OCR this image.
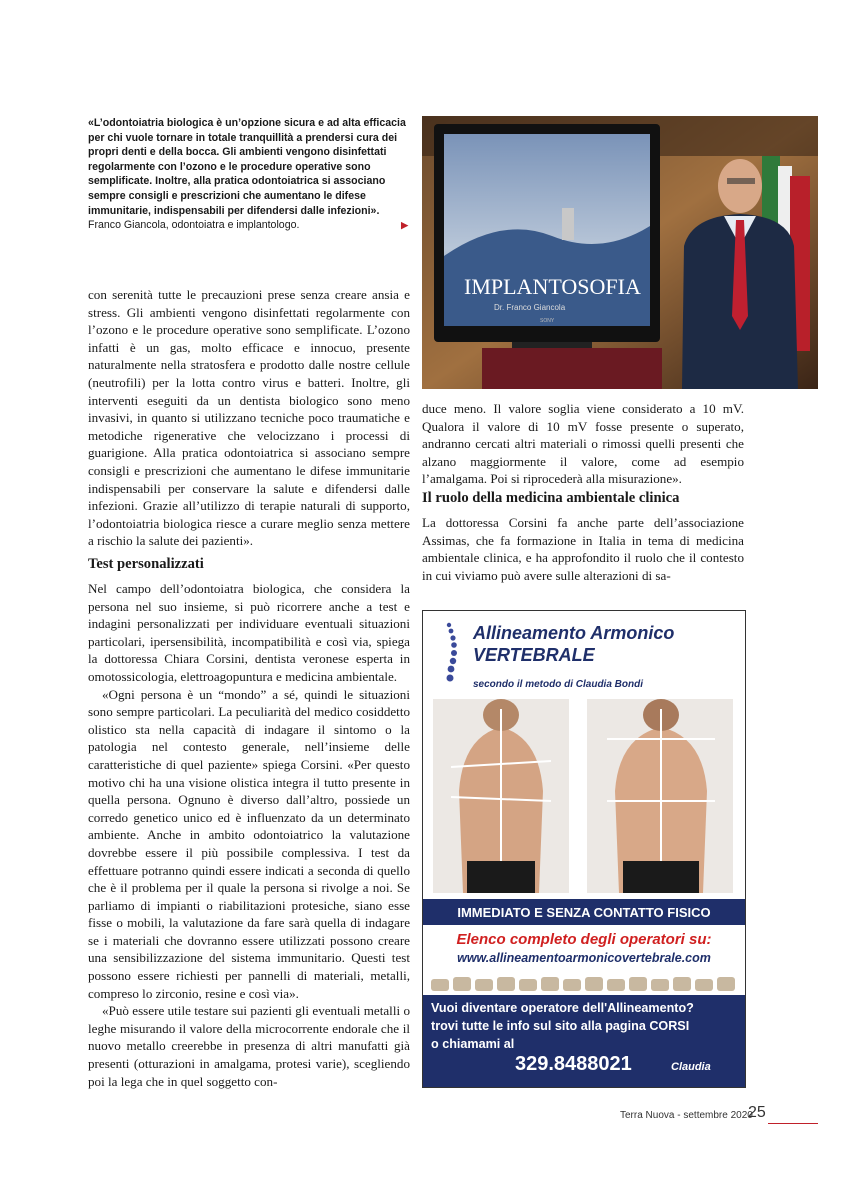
«L’odontoiatria biologica è un’opzione sicura e ad alta efficacia per chi vuole tornare in totale tranquillità a prendersi cura dei propri denti e della bocca. Gli ambienti vengono disinfettati regolarmente con l’ozono e le procedure operative sono semplificate. Inoltre, alla pratica odontoiatrica si associano sempre consigli e prescrizioni che aumentano le difese immunitarie, indispensabili per difendersi dalle infezioni». Franco Giancola, odontoiatra e implantologo.	▶
IMPLANTOSOFIA
Dr. Franco Giancola
SONY

con serenità tutte le precauzioni prese senza creare ansia e stress. Gli ambienti vengono disinfettati regolarmente con l’ozono e le procedure operative sono semplificate. L’ozono infatti è un gas, molto efficace e innocuo, presente naturalmente nella stratosfera e prodotto dalle nostre cellule (neutrofili) per la lotta contro virus e batteri. Inoltre, gli interventi eseguiti da un dentista biologico sono meno invasivi, in quanto si utilizzano tecniche poco traumatiche e metodiche rigenerative che velocizzano i processi di guarigione. Alla pratica odontoiatrica si associano sempre consigli e prescrizioni che aumentano le difese immunitarie indispensabili per conservare la salute e difendersi dalle infezioni. Grazie all’utilizzo di terapie naturali di supporto, l’odontoiatria biologica riesce a curare meglio senza mettere a rischio la salute dei pazienti».

Test personalizzati

Nel campo dell’odontoiatra biologica, che considera la persona nel suo insieme, si può ricorrere anche a test e indagini personalizzati per individuare eventuali situazioni particolari, ipersensibilità, incompatibilità e così via, spiega la dottoressa Chiara Corsini, dentista veronese esperta in omotossicologia, elettroagopuntura e medicina ambientale.

«Ogni persona è un “mondo” a sé, quindi le situazioni sono sempre particolari. La peculiarità del medico cosiddetto olistico sta nella capacità di indagare il sintomo o la patologia nel contesto generale, nell’insieme delle caratteristiche di quel paziente» spiega Corsini. «Per questo motivo chi ha una visione olistica integra il tutto presente in quella persona. Ognuno è diverso dall’altro, possiede un corredo genetico unico ed è influenzato da un determinato ambiente. Anche in ambito odontoiatrico la valutazione dovrebbe essere il più possibile complessiva. I test da effettuare potranno quindi essere indicati a seconda di quello che è il problema per il quale la persona si rivolge a noi. Se parliamo di impianti o riabilitazioni protesiche, siano esse fisse o mobili, la valutazione da fare sarà quella di indagare se i materiali che dovranno essere utilizzati possono creare una sensibilizzazione del sistema immunitario. Questi test possono essere richiesti per pannelli di materiali, metalli, compreso lo zirconio, resine e così via».

«Può essere utile testare sui pazienti gli eventuali metalli o leghe misurando il valore della microcorrente endorale che il nuovo metallo creerebbe in presenza di altri manufatti già presenti (otturazioni in amalgama, protesi varie), scegliendo poi la lega che in quel soggetto con-

duce meno. Il valore soglia viene considerato a 10 mV. Qualora il valore di 10 mV fosse presente o superato, andranno cercati altri materiali o rimossi quelli presenti che alzano maggiormente il valore, come ad esempio l’amalgama. Poi si riprocederà alla misurazione».

Il ruolo della medicina ambientale clinica

La dottoressa Corsini fa anche parte dell’associazione Assimas, che fa formazione in Italia in tema di medicina ambientale clinica, e ha approfondito il ruolo che il contesto in cui viviamo può avere sulle alterazioni di sa-

Allineamento Armonico
VERTEBRALE
secondo il metodo di Claudia Bondi
IMMEDIATO E SENZA CONTATTO FISICO
Elenco completo degli operatori su:
www.allineamentoarmonicovertebrale.com
Vuoi diventare operatore dell'Allineamento?
trovi tutte le info sul sito alla pagina CORSI
o chiamami al
329.8488021	Claudia
Terra Nuova - settembre 2020
25
